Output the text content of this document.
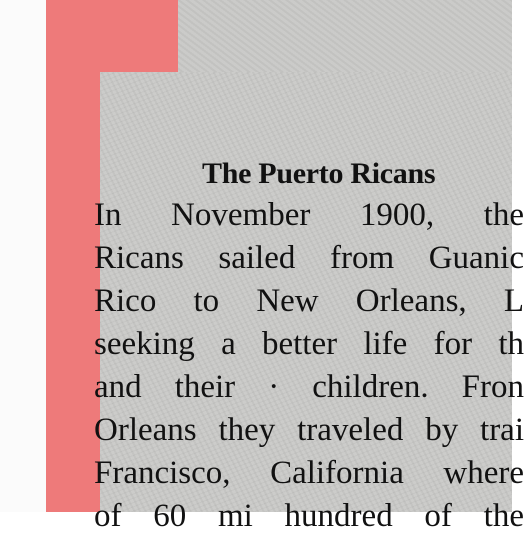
The Puerto Ricans

In November 1900, the

Ricans sailed from Guanic

Rico to New Orleans, L

seeking a better life for th

and their · children. Fron

Orleans they traveled by trai

Francisco, California where

of 60 mi hundred of the
